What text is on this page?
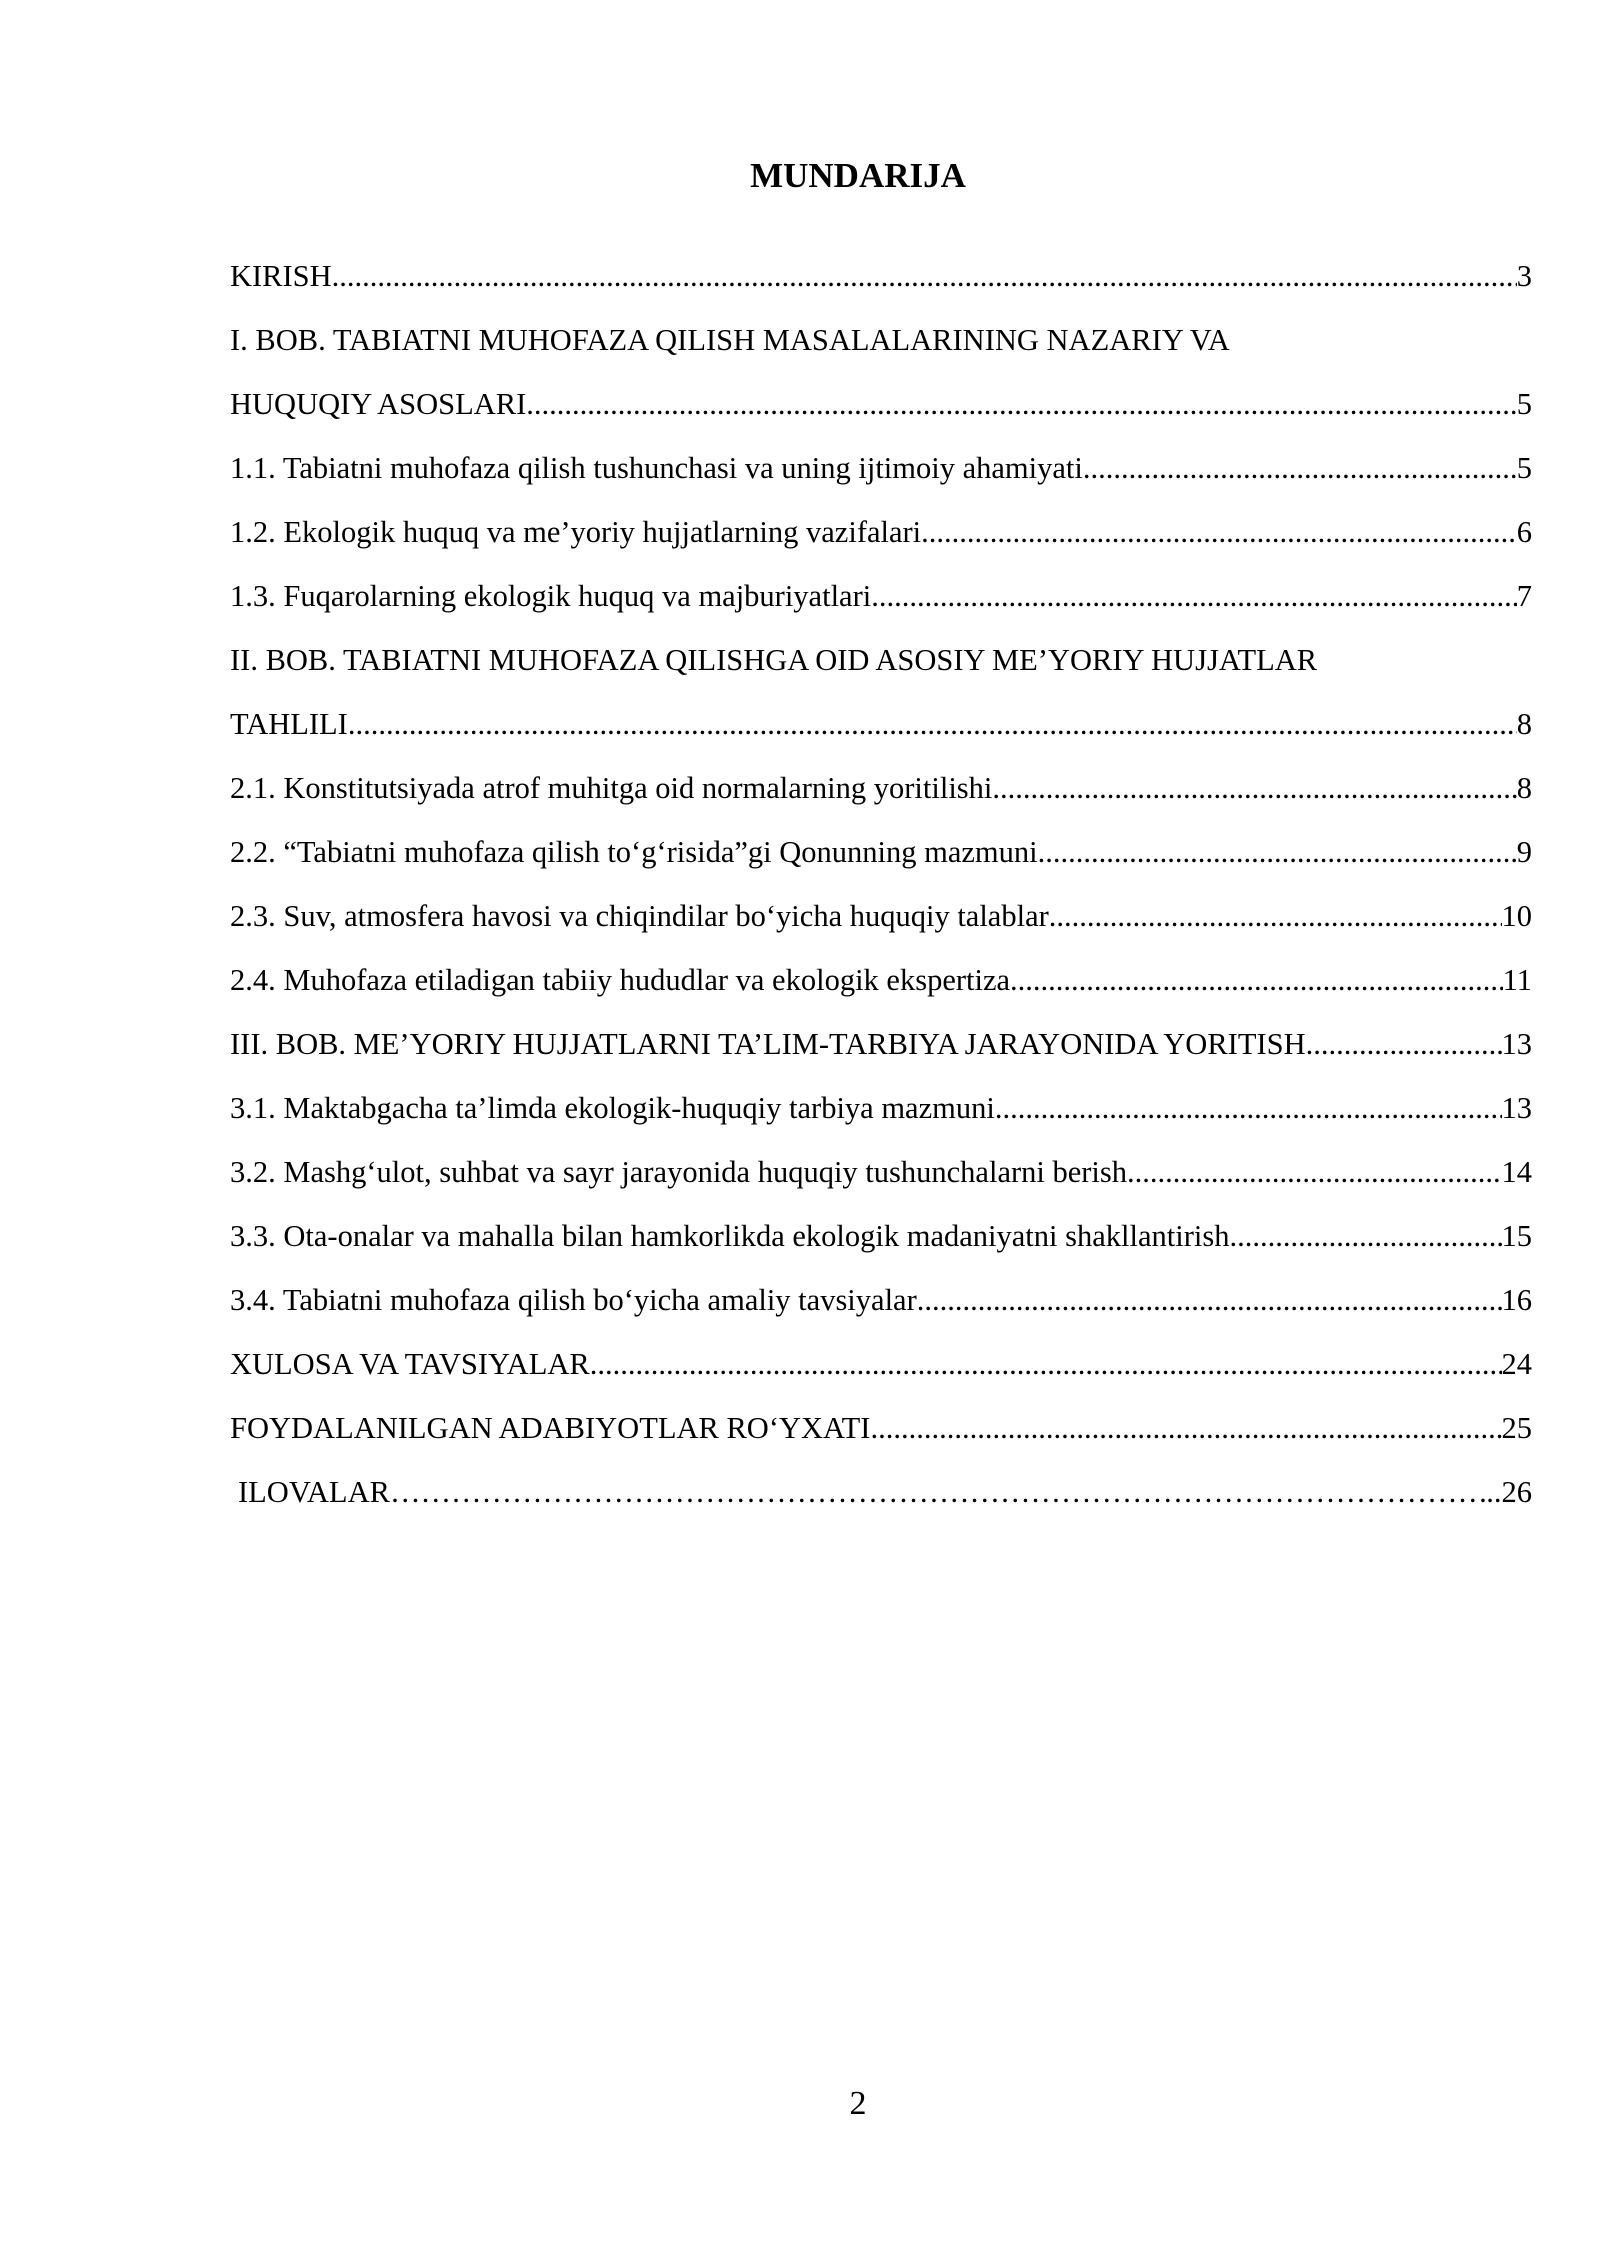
MUNDARIJA
KIRISH .....	3
I. BOB. TABIATNI MUHOFAZA QILISH MASALALARINING NAZARIY VA
HUQUQIY ASOSLARI .....	5
1.1. Tabiatni muhofaza qilish tushunchasi va uning ijtimoiy ahamiyati .....	5
1.2. Ekologik huquq va me’yoriy hujjatlarning vazifalari .....	6
1.3. Fuqarolarning ekologik huquq va majburiyatlari .....	7
II. BOB. TABIATNI MUHOFAZA QILISHGA OID ASOSIY ME’YORIY HUJJATLAR
TAHLILI .....	8
2.1. Konstitutsiyada atrof muhitga oid normalarning yoritilishi .....	8
2.2. “Tabiatni muhofaza qilish to‘g‘risida”gi Qonunning mazmuni .....	9
2.3. Suv, atmosfera havosi va chiqindilar bo‘yicha huquqiy talablar .....	10
2.4. Muhofaza etiladigan tabiiy hududlar va ekologik ekspertiza .....	11
III. BOB. ME’YORIY HUJJATLARNI TA’LIM-TARBIYA JARAYONIDA YORITISH .....	13
3.1. Maktabgacha ta’limda ekologik-huquqiy tarbiya mazmuni .....	13
3.2. Mashg‘ulot, suhbat va sayr jarayonida huquqiy tushunchalarni berish .....	14
3.3. Ota-onalar va mahalla bilan hamkorlikda ekologik madaniyatni shakllantirish .....	15
3.4. Tabiatni muhofaza qilish bo‘yicha amaliy tavsiyalar .....	16
XULOSA VA TAVSIYALAR .....	24
FOYDALANILGAN ADABIYOTLAR RO‘YXATI .....	25
ILOVALAR ………………………………………………………………………………………………………………………………………………………………………………	..26
2
